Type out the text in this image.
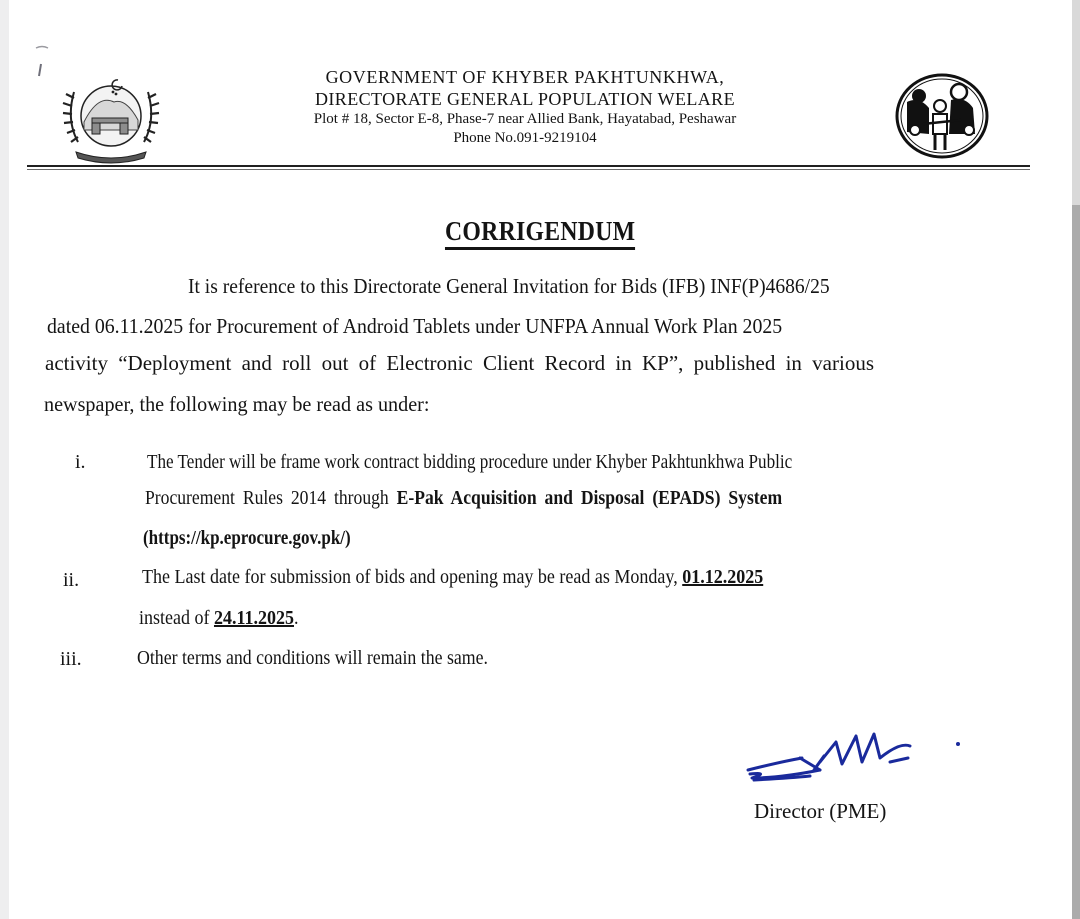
GOVERNMENT OF KHYBER PAKHTUNKHWA,
DIRECTORATE GENERAL POPULATION WELARE
Plot # 18, Sector E-8, Phase-7 near Allied Bank, Hayatabad, Peshawar
Phone No.091-9219104
CORRIGENDUM
It is reference to this Directorate General Invitation for Bids (IFB) INF(P)4686/25
dated 06.11.2025 for Procurement of Android Tablets under UNFPA Annual Work Plan 2025
activity “Deployment and roll out of Electronic Client Record in KP”, published in various
newspaper, the following may be read as under:
i.	The Tender will be frame work contract bidding procedure under Khyber Pakhtunkhwa Public
Procurement Rules 2014 through E-Pak Acquisition and Disposal (EPADS) System
(https://kp.eprocure.gov.pk/)
ii.	The Last date for submission of bids and opening may be read as Monday, 01.12.2025
instead of 24.11.2025.
iii.	Other terms and conditions will remain the same.
Director (PME)
